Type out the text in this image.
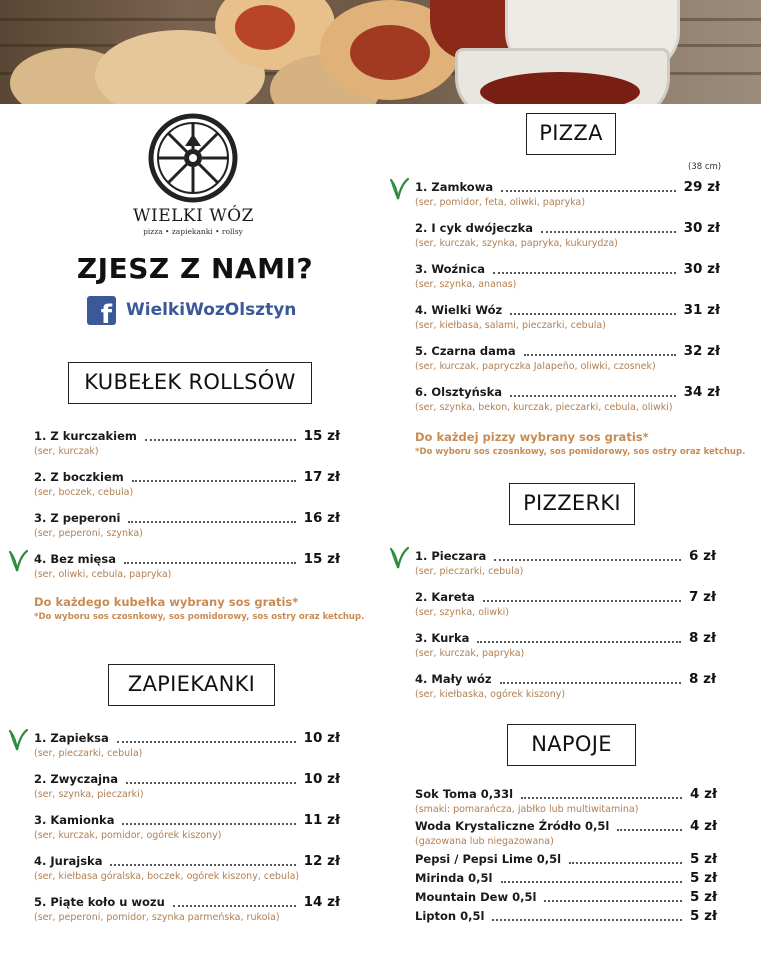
WIELKI WÓZ
pizza • zapiekanki • rollsy
ZJESZ Z NAMI?
f WielkiWozOlsztyn
KUBEŁEK ROLLSÓW
ZAPIEKANKI
PIZZA
PIZZERKI
NAPOJE
(38 cm)
1. Z kurczakiem	15 zł
(ser, kurczak)
2. Z boczkiem	17 zł
(ser, boczek, cebula)
3. Z peperoni	16 zł
(ser, peperoni, szynka)
4. Bez mięsa	15 zł
(ser, oliwki, cebula, papryka)
1. Zapieksa	10 zł
(ser, pieczarki, cebula)
2. Zwyczajna	10 zł
(ser, szynka, pieczarki)
3. Kamionka	11 zł
(ser, kurczak, pomidor, ogórek kiszony)
4. Jurajska	12 zł
(ser, kiełbasa góralska, boczek, ogórek kiszony, cebula)
5. Piąte koło u wozu	14 zł
(ser, peperoni, pomidor, szynka parmeńska, rukola)
1. Zamkowa	29 zł
(ser, pomidor, feta, oliwki, papryka)
2. I cyk dwójeczka	30 zł
(ser, kurczak, szynka, papryka, kukurydza)
3. Woźnica	30 zł
(ser, szynka, ananas)
4. Wielki Wóz	31 zł
(ser, kiełbasa, salami, pieczarki, cebula)
5. Czarna dama	32 zł
(ser, kurczak, papryczka Jalapeño, oliwki, czosnek)
6. Olsztyńska	34 zł
(ser, szynka, bekon, kurczak, pieczarki, cebula, oliwki)
1. Pieczara	6 zł
(ser, pieczarki, cebula)
2. Kareta	7 zł
(ser, szynka, oliwki)
3. Kurka	8 zł
(ser, kurczak, papryka)
4. Mały wóz	8 zł
(ser, kiełbaska, ogórek kiszony)
Sok Toma 0,33l	4 zł
(smaki: pomarańcza, jabłko lub multiwitamina)
Woda Krystaliczne Źródło 0,5l	4 zł
(gazowana lub niegazowana)
Pepsi / Pepsi Lime 0,5l	5 zł
Mirinda 0,5l	5 zł
Mountain Dew 0,5l	5 zł
Lipton 0,5l	5 zł
Do każdego kubełka wybrany sos gratis*
*Do wyboru sos czosnkowy, sos pomidorowy, sos ostry oraz ketchup.
Do każdej pizzy wybrany sos gratis*
*Do wyboru sos czosnkowy, sos pomidorowy, sos ostry oraz ketchup.
